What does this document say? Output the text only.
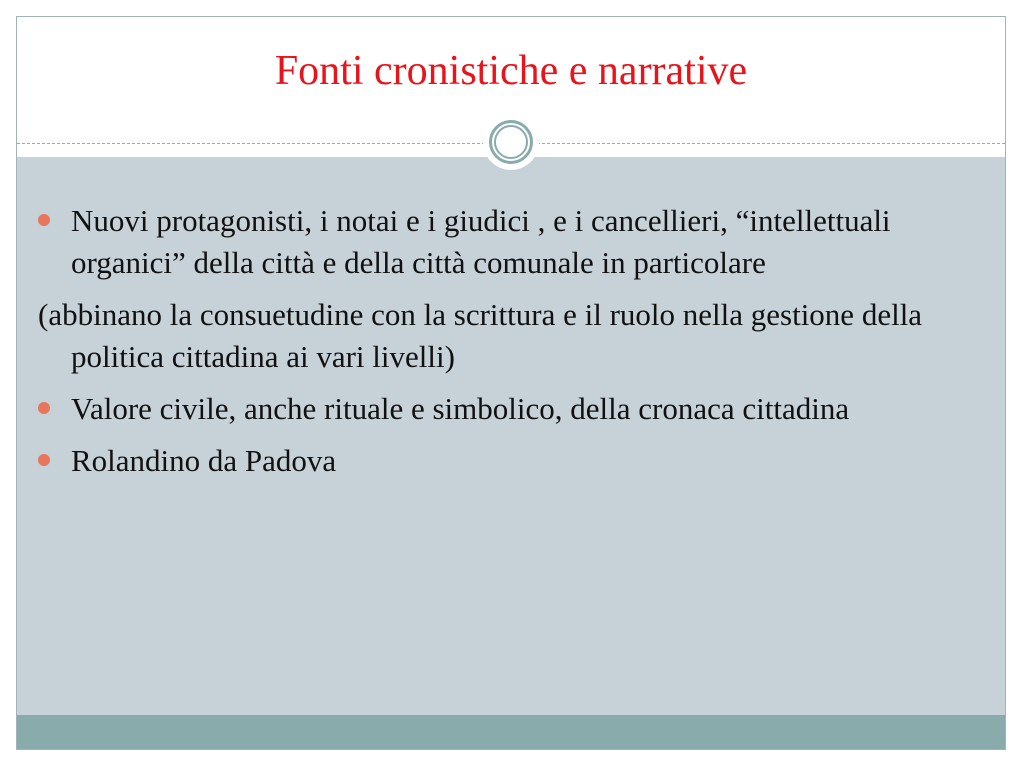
Fonti cronistiche e narrative
Nuovi protagonisti, i notai e i giudici , e i cancellieri, “intellettuali organici” della città e della città comunale in particolare
(abbinano la consuetudine con la scrittura e il ruolo nella gestione della politica cittadina ai vari livelli)
Valore civile, anche rituale e simbolico, della cronaca cittadina
Rolandino da Padova
